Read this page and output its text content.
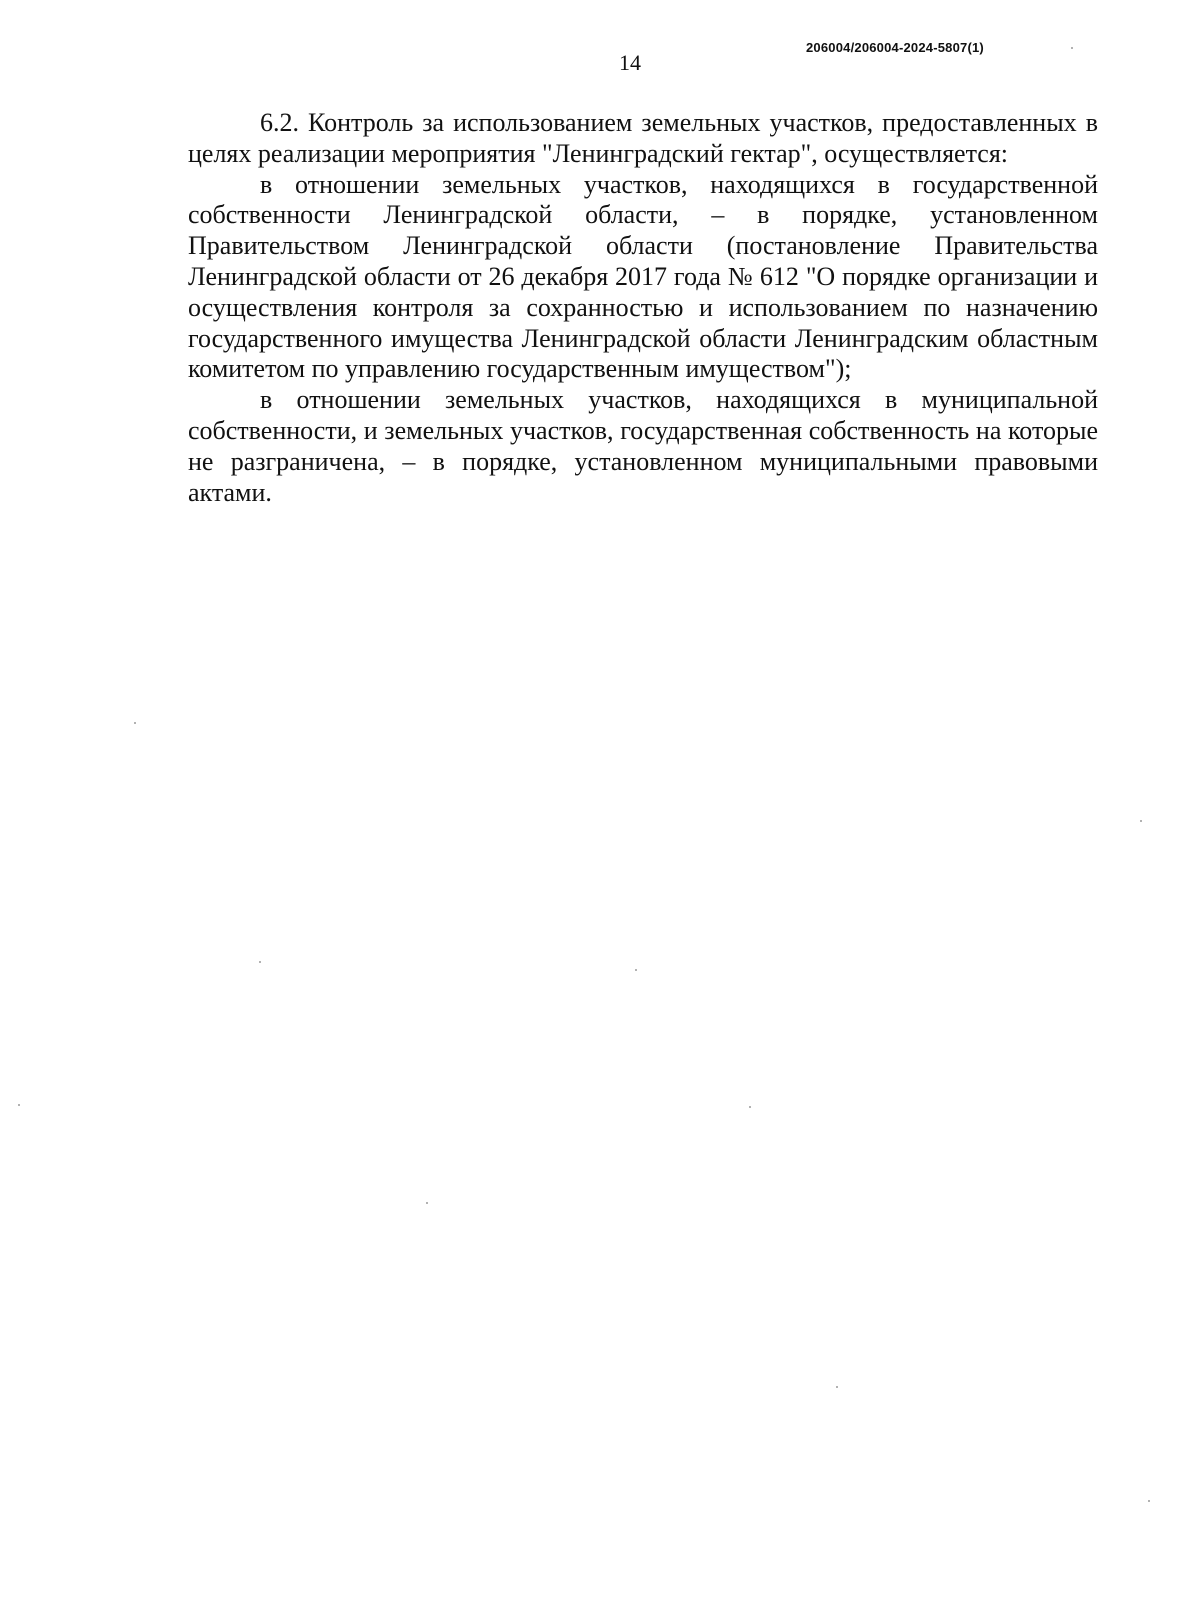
14
206004/206004-2024-5807(1)

6.2. Контроль за использованием земельных участков, предоставленных в целях реализации мероприятия "Ленинградский гектар", осуществляется:

в отношении земельных участков, находящихся в государственной собственности Ленинградской области, – в порядке, установленном Правительством Ленинградской области (постановление Правительства Ленинградской области от 26 декабря 2017 года № 612 "О порядке организации и осуществления контроля за сохранностью и использованием по назначению государственного имущества Ленинградской области Ленинградским областным комитетом по управлению государственным имуществом");

в отношении земельных участков, находящихся в муниципальной собственности, и земельных участков, государственная собственность на которые не разграничена, – в порядке, установленном муниципальными правовыми актами.
